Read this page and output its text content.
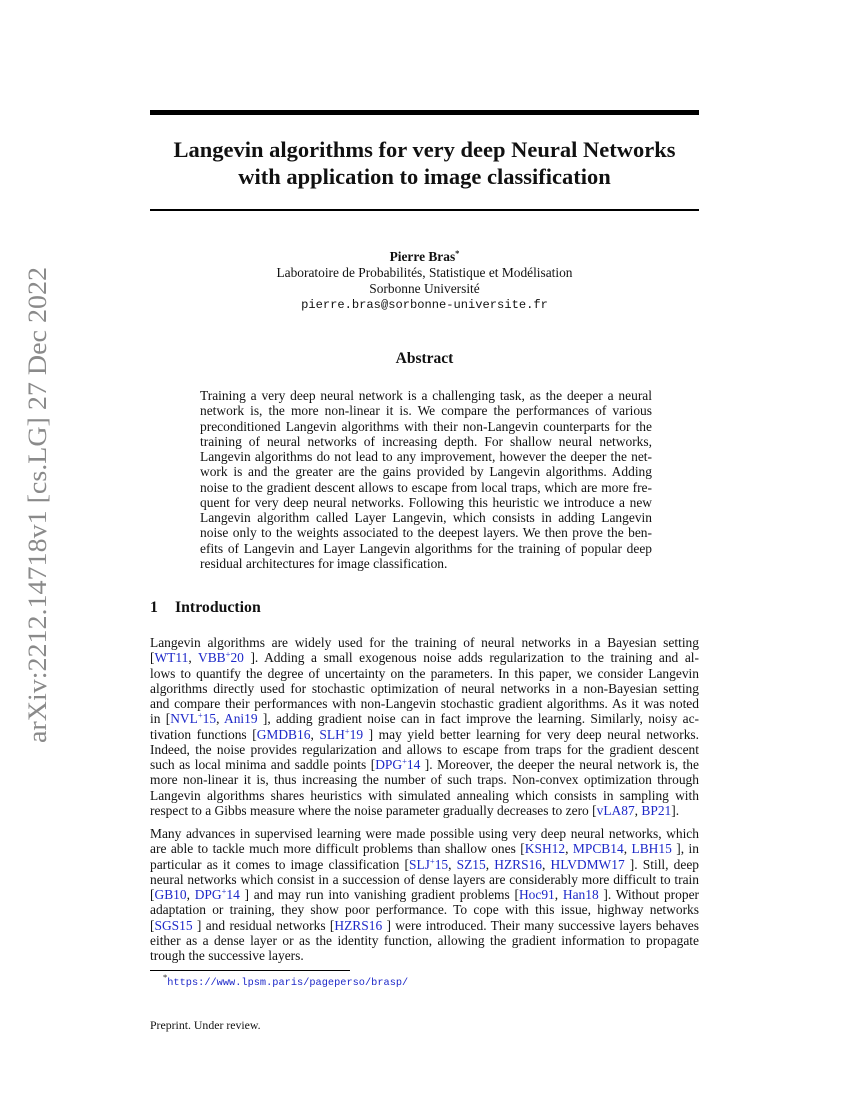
arXiv:2212.14718v1 [cs.LG] 27 Dec 2022
Langevin algorithms for very deep Neural Networks
with application to image classification
Pierre Bras*
Laboratoire de Probabilités, Statistique et Modélisation
Sorbonne Université
pierre.bras@sorbonne-universite.fr
Abstract
Training a very deep neural network is a challenging task, as the deeper a neural
network is, the more non-linear it is. We compare the performances of various
preconditioned Langevin algorithms with their non-Langevin counterparts for the
training of neural networks of increasing depth. For shallow neural networks,
Langevin algorithms do not lead to any improvement, however the deeper the net-
work is and the greater are the gains provided by Langevin algorithms. Adding
noise to the gradient descent allows to escape from local traps, which are more fre-
quent for very deep neural networks. Following this heuristic we introduce a new
Langevin algorithm called Layer Langevin, which consists in adding Langevin
noise only to the weights associated to the deepest layers. We then prove the ben-
efits of Langevin and Layer Langevin algorithms for the training of popular deep
residual architectures for image classification.
1 Introduction
Langevin algorithms are widely used for the training of neural networks in a Bayesian setting
[WT11, VBB+20 ]. Adding a small exogenous noise adds regularization to the training and al-
lows to quantify the degree of uncertainty on the parameters. In this paper, we consider Langevin
algorithms directly used for stochastic optimization of neural networks in a non-Bayesian setting
and compare their performances with non-Langevin stochastic gradient algorithms. As it was noted
in [NVL+15, Ani19 ], adding gradient noise can in fact improve the learning. Similarly, noisy ac-
tivation functions [GMDB16, SLH+19 ] may yield better learning for very deep neural networks.
Indeed, the noise provides regularization and allows to escape from traps for the gradient descent
such as local minima and saddle points [DPG+14 ]. Moreover, the deeper the neural network is, the
more non-linear it is, thus increasing the number of such traps. Non-convex optimization through
Langevin algorithms shares heuristics with simulated annealing which consists in sampling with
respect to a Gibbs measure where the noise parameter gradually decreases to zero [vLA87, BP21].
Many advances in supervised learning were made possible using very deep neural networks, which
are able to tackle much more difficult problems than shallow ones [KSH12, MPCB14, LBH15 ], in
particular as it comes to image classification [SLJ+15, SZ15, HZRS16, HLVDMW17 ]. Still, deep
neural networks which consist in a succession of dense layers are considerably more difficult to train
[GB10, DPG+14 ] and may run into vanishing gradient problems [Hoc91, Han18 ]. Without proper
adaptation or training, they show poor performance. To cope with this issue, highway networks
[SGS15 ] and residual networks [HZRS16 ] were introduced. Their many successive layers behaves
either as a dense layer or as the identity function, allowing the gradient information to propagate
trough the successive layers.
*https://www.lpsm.paris/pageperso/brasp/
Preprint. Under review.
